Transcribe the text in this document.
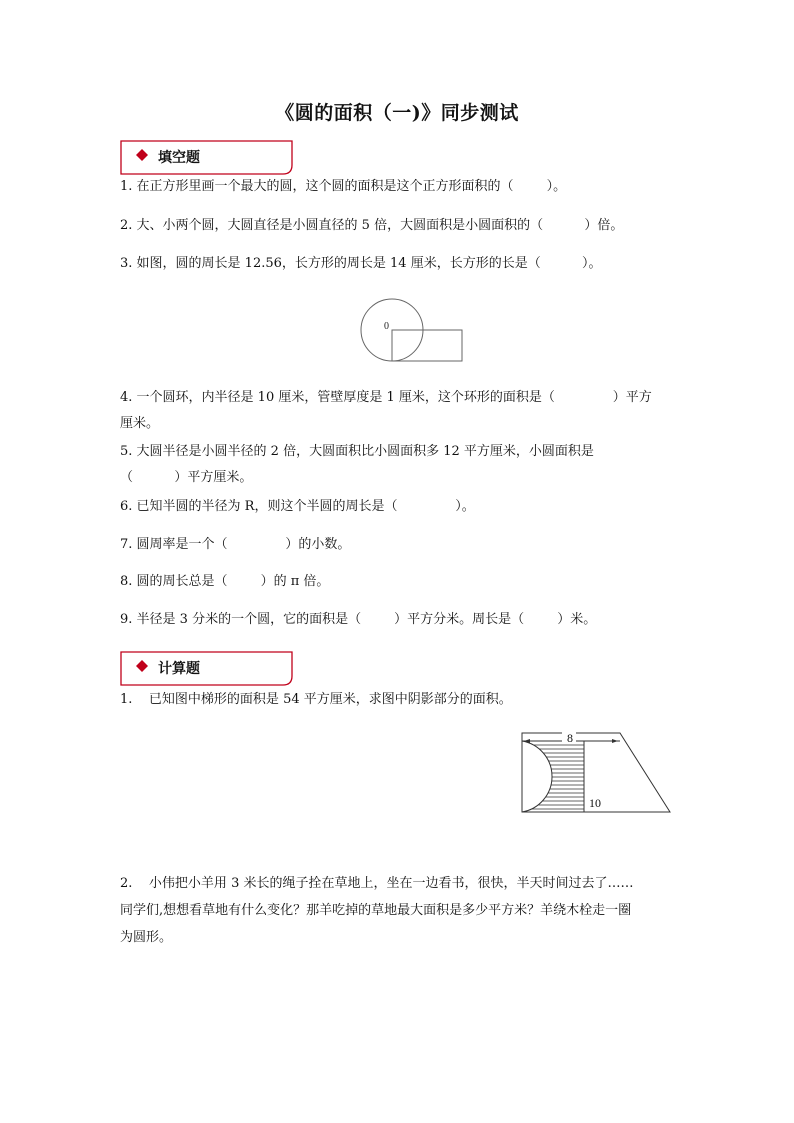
《圆的面积（一)》同步测试
填空题
1. 在正方形里画一个最大的圆，这个圆的面积是这个正方形面积的（        ）。
2. 大、小两个圆，大圆直径是小圆直径的 5 倍，大圆面积是小圆面积的（          ）倍。
3. 如图，圆的周长是 12.56，长方形的周长是 14 厘米，长方形的长是（          ）。
0
4. 一个圆环，内半径是 10 厘米，管壁厚度是 1 厘米，这个环形的面积是（              ）平方
厘米。
5. 大圆半径是小圆半径的 2 倍，大圆面积比小圆面积多 12 平方厘米，小圆面积是
（          ）平方厘米。
6. 已知半圆的半径为 R，则这个半圆的周长是（              ）。
7. 圆周率是一个（              ）的小数。
8. 圆的周长总是（        ）的 π 倍。
9. 半径是 3 分米的一个圆，它的面积是（        ）平方分米。周长是（        ）米。
计算题
1.    已知图中梯形的面积是 54 平方厘米，求图中阴影部分的面积。
8
10
2.    小伟把小羊用 3 米长的绳子拴在草地上，坐在一边看书，很快，半天时间过去了……
同学们,想想看草地有什么变化？那羊吃掉的草地最大面积是多少平方米？羊绕木栓走一圈
为圆形。
